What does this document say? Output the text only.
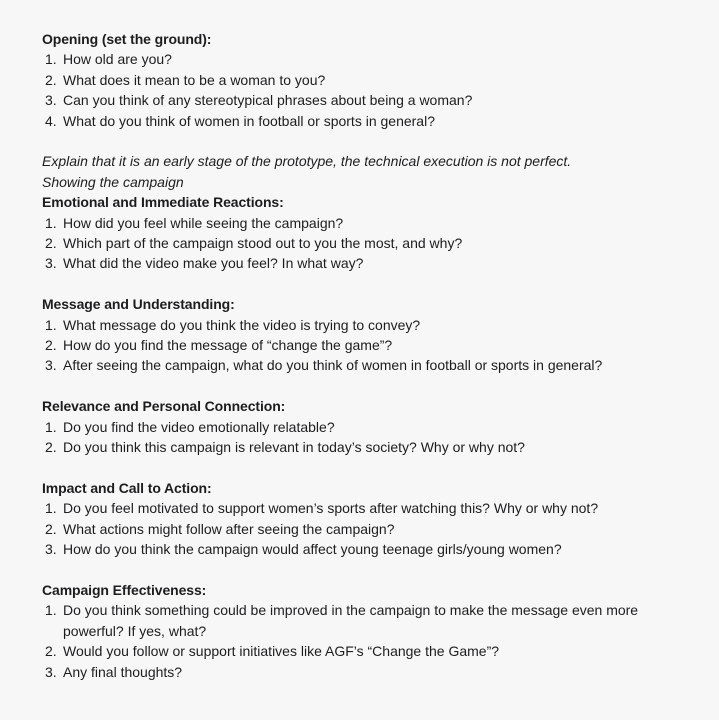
Opening (set the ground):
1. How old are you?
2. What does it mean to be a woman to you?
3. Can you think of any stereotypical phrases about being a woman?
4. What do you think of women in football or sports in general?

Explain that it is an early stage of the prototype, the technical execution is not perfect.
Showing the campaign

Emotional and Immediate Reactions:
1. How did you feel while seeing the campaign?
2. Which part of the campaign stood out to you the most, and why?
3. What did the video make you feel? In what way?
Message and Understanding:
1. What message do you think the video is trying to convey?
2. How do you find the message of “change the game”?
3. After seeing the campaign, what do you think of women in football or sports in general?
Relevance and Personal Connection:
1. Do you find the video emotionally relatable?
2. Do you think this campaign is relevant in today’s society? Why or why not?
Impact and Call to Action:
1. Do you feel motivated to support women’s sports after watching this? Why or why not?
2. What actions might follow after seeing the campaign?
3. How do you think the campaign would affect young teenage girls/young women?
Campaign Effectiveness:
1. Do you think something could be improved in the campaign to make the message even more powerful? If yes, what?
2. Would you follow or support initiatives like AGF’s “Change the Game”?
3. Any final thoughts?
